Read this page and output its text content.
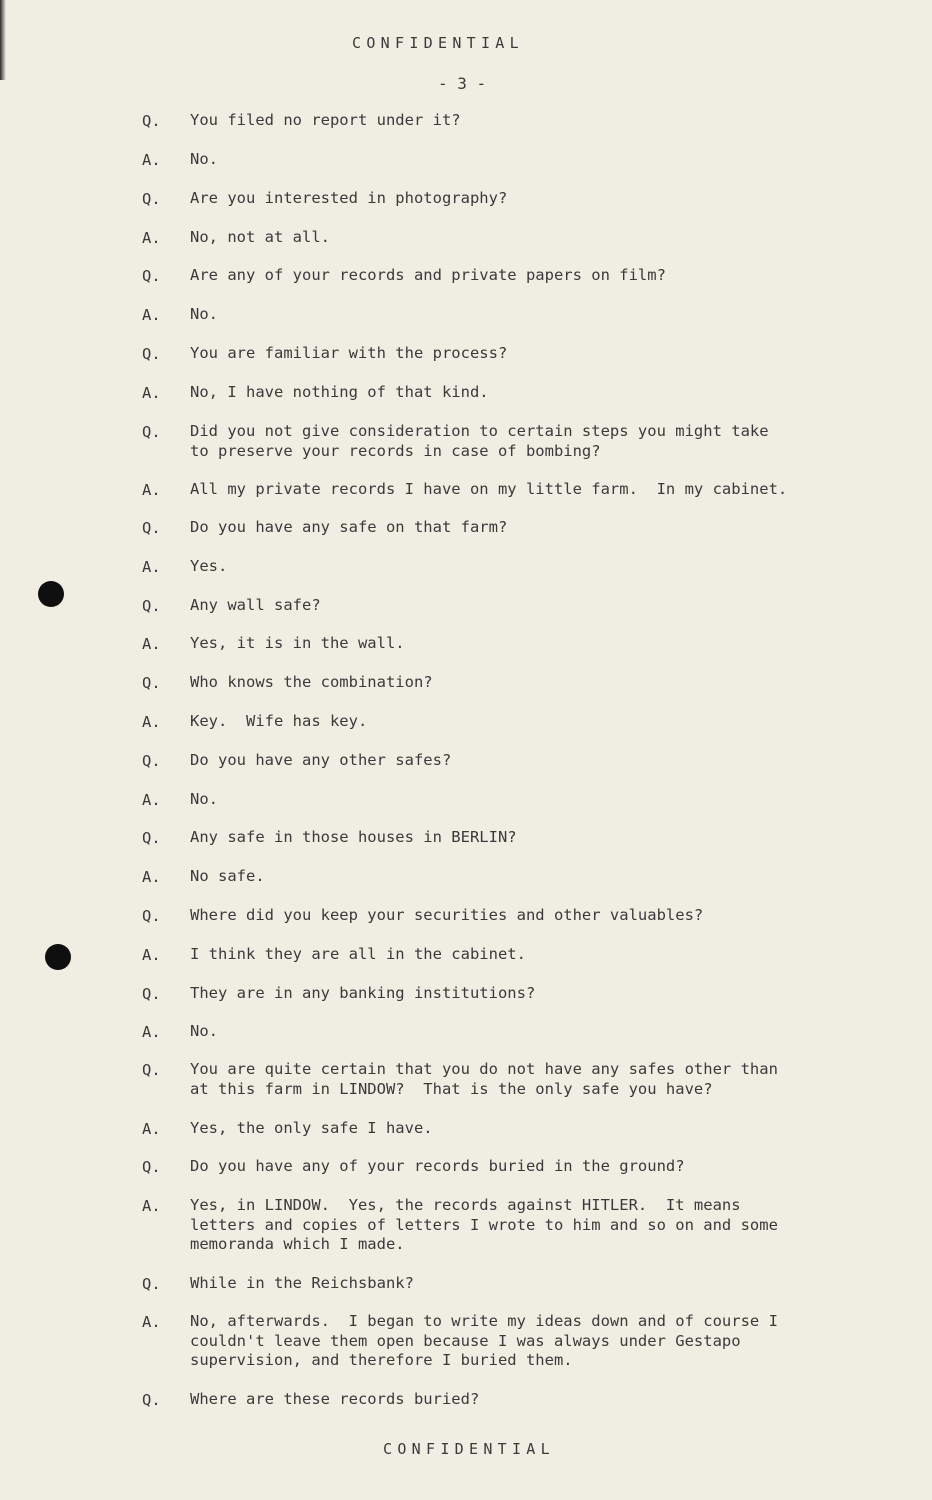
CONFIDENTIAL
- 3 -
Q. You filed no report under it?
A. No.
Q. Are you interested in photography?
A. No, not at all.
Q. Are any of your records and private papers on film?
A. No.
Q. You are familiar with the process?
A. No, I have nothing of that kind.
Q. Did you not give consideration to certain steps you might take
to preserve your records in case of bombing?
A. All my private records I have on my little farm.  In my cabinet.
Q. Do you have any safe on that farm?
A. Yes.
Q. Any wall safe?
A. Yes, it is in the wall.
Q. Who knows the combination?
A. Key.  Wife has key.
Q. Do you have any other safes?
A. No.
Q. Any safe in those houses in BERLIN?
A. No safe.
Q. Where did you keep your securities and other valuables?
A. I think they are all in the cabinet.
Q. They are in any banking institutions?
A. No.
Q. You are quite certain that you do not have any safes other than
at this farm in LINDOW?  That is the only safe you have?
A. Yes, the only safe I have.
Q. Do you have any of your records buried in the ground?
A. Yes, in LINDOW.  Yes, the records against HITLER.  It means
letters and copies of letters I wrote to him and so on and some
memoranda which I made.
Q. While in the Reichsbank?
A. No, afterwards.  I began to write my ideas down and of course I
couldn't leave them open because I was always under Gestapo
supervision, and therefore I buried them.
Q. Where are these records buried?
CONFIDENTIAL
